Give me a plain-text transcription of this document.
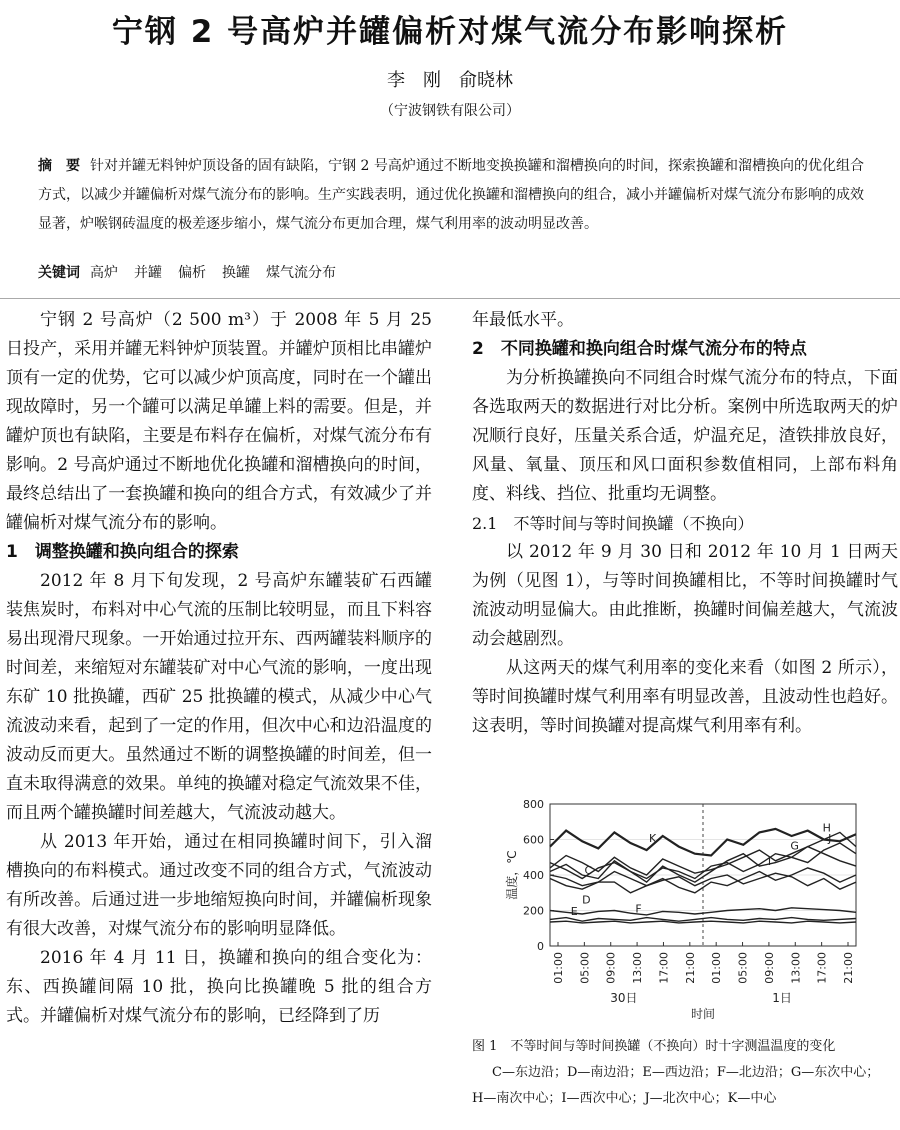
宁钢 2 号高炉并罐偏析对煤气流分布影响探析
李　刚　俞晓林
（宁波钢铁有限公司）
摘　要 针对并罐无料钟炉顶设备的固有缺陷，宁钢 2 号高炉通过不断地变换换罐和溜槽换向的时间，探索换罐和溜槽换向的优化组合方式，以减少并罐偏析对煤气流分布的影响。生产实践表明，通过优化换罐和溜槽换向的组合，减小并罐偏析对煤气流分布影响的成效显著，炉喉钢砖温度的极差逐步缩小，煤气流分布更加合理，煤气利用率的波动明显改善。
关键词 高炉 并罐 偏析 换罐 煤气流分布

宁钢 2 号高炉（2 500 m³）于 2008 年 5 月 25 日投产，采用并罐无料钟炉顶装置。并罐炉顶相比串罐炉顶有一定的优势，它可以减少炉顶高度，同时在一个罐出现故障时，另一个罐可以满足单罐上料的需要。但是，并罐炉顶也有缺陷，主要是布料存在偏析，对煤气流分布有影响。2 号高炉通过不断地优化换罐和溜槽换向的时间，最终总结出了一套换罐和换向的组合方式，有效减少了并罐偏析对煤气流分布的影响。

1　调整换罐和换向组合的探索

2012 年 8 月下旬发现，2 号高炉东罐装矿石西罐装焦炭时，布料对中心气流的压制比较明显，而且下料容易出现滑尺现象。一开始通过拉开东、西两罐装料顺序的时间差，来缩短对东罐装矿对中心气流的影响，一度出现东矿 10 批换罐，西矿 25 批换罐的模式，从减少中心气流波动来看，起到了一定的作用，但次中心和边沿温度的波动反而更大。虽然通过不断的调整换罐的时间差，但一直未取得满意的效果。单纯的换罐对稳定气流效果不佳，而且两个罐换罐时间差越大，气流波动越大。

从 2013 年开始，通过在相同换罐时间下，引入溜槽换向的布料模式。通过改变不同的组合方式，气流波动有所改善。后通过进一步地缩短换向时间，并罐偏析现象有很大改善，对煤气流分布的影响明显降低。

2016 年 4 月 11 日，换罐和换向的组合变化为：东、西换罐间隔 10 批，换向比换罐晚 5 批的组合方式。并罐偏析对煤气流分布的影响，已经降到了历

年最低水平。

2　不同换罐和换向组合时煤气流分布的特点

为分析换罐换向不同组合时煤气流分布的特点，下面各选取两天的数据进行对比分析。案例中所选取两天的炉况顺行良好，压量关系合适，炉温充足，渣铁排放良好，风量、氧量、顶压和风口面积参数值相同，上部布料角度、料线、挡位、批重均无调整。

2.1　不等时间与等时间换罐（不换向）

以 2012 年 9 月 30 日和 2012 年 10 月 1 日两天为例（见图 1），与等时间换罐相比，不等时间换罐时气流波动明显偏大。由此推断，换罐时间偏差越大，气流波动会越剧烈。

从这两天的煤气利用率的变化来看（如图 2 所示），等时间换罐时煤气利用率有明显改善，且波动性也趋好。这表明，等时间换罐对提高煤气利用率有利。

0
200
400
600
800
温度，℃
01:00 05:00 09:00 13:00 17:00 21:00 01:00 05:00 09:00 13:00 17:00 21:00
30日	1日
时间
K
H
G
J
I
C
D
F
E
图 1　不等时间与等时间换罐（不换向）时十字测温温度的变化
C—东边沿；D—南边沿；E—西边沿；F—北边沿；G—东次中心；
H—南次中心；I—西次中心；J—北次中心；K—中心
